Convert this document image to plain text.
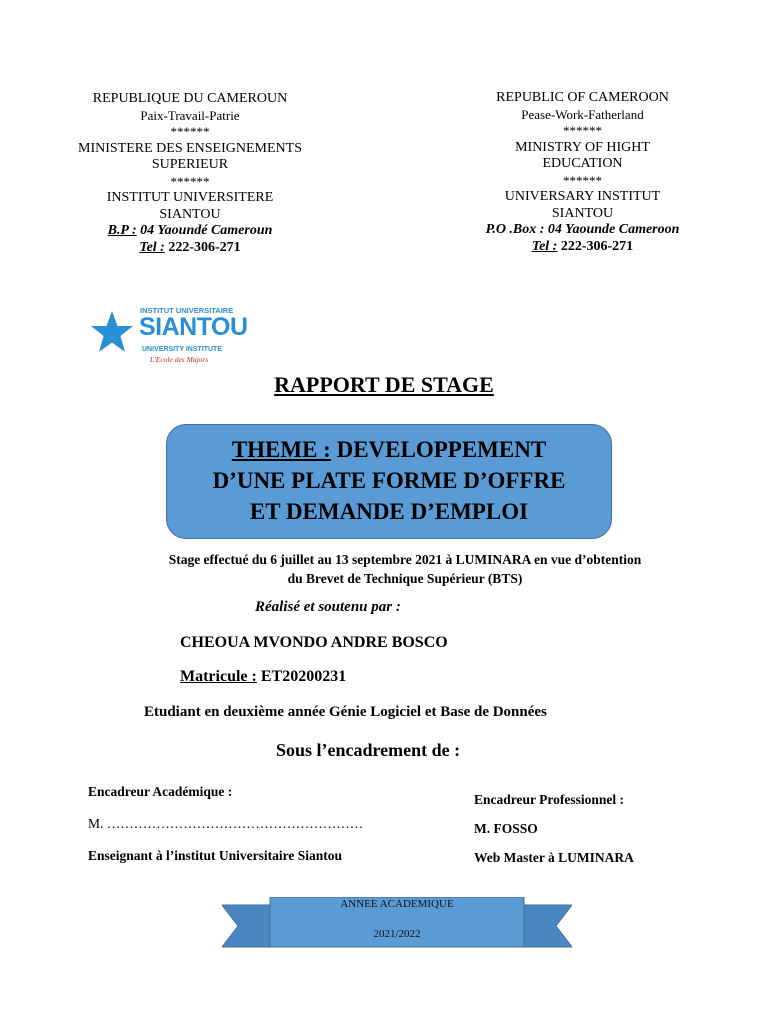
REPUBLIQUE DU CAMEROUN
Paix-Travail-Patrie
******
MINISTERE DES ENSEIGNEMENTS
SUPERIEUR
******
INSTITUT UNIVERSITERE
SIANTOU
B.P : 04 Yaoundé Cameroun
Tel : 222-306-271
REPUBLIC OF CAMEROON
Pease-Work-Fatherland
******
MINISTRY OF HIGHT
EDUCATION
******
UNIVERSARY INSTITUT
SIANTOU
P.O .Box : 04 Yaounde Cameroon
Tel : 222-306-271
INSTITUT UNIVERSITAIRE
SIANTOU
UNIVERSITY INSTITUTE
L'Ecole des Majors
RAPPORT DE STAGE
THEME : DEVELOPPEMENT
D’UNE PLATE FORME D’OFFRE
ET DEMANDE D’EMPLOI
Stage effectué du 6 juillet au 13 septembre 2021 à LUMINARA en vue d’obtention
du Brevet de Technique Supérieur (BTS)
Réalisé et soutenu par :
CHEOUA MVONDO ANDRE BOSCO
Matricule : ET20200231
Etudiant en deuxième année Génie Logiciel et Base de Données
Sous l’encadrement de :
Encadreur Académique :
M. …………………………………………………
Enseignant à l’institut Universitaire Siantou
Encadreur Professionnel :
M. FOSSO
Web Master à LUMINARA
ANNEE ACADEMIQUE
2021/2022
